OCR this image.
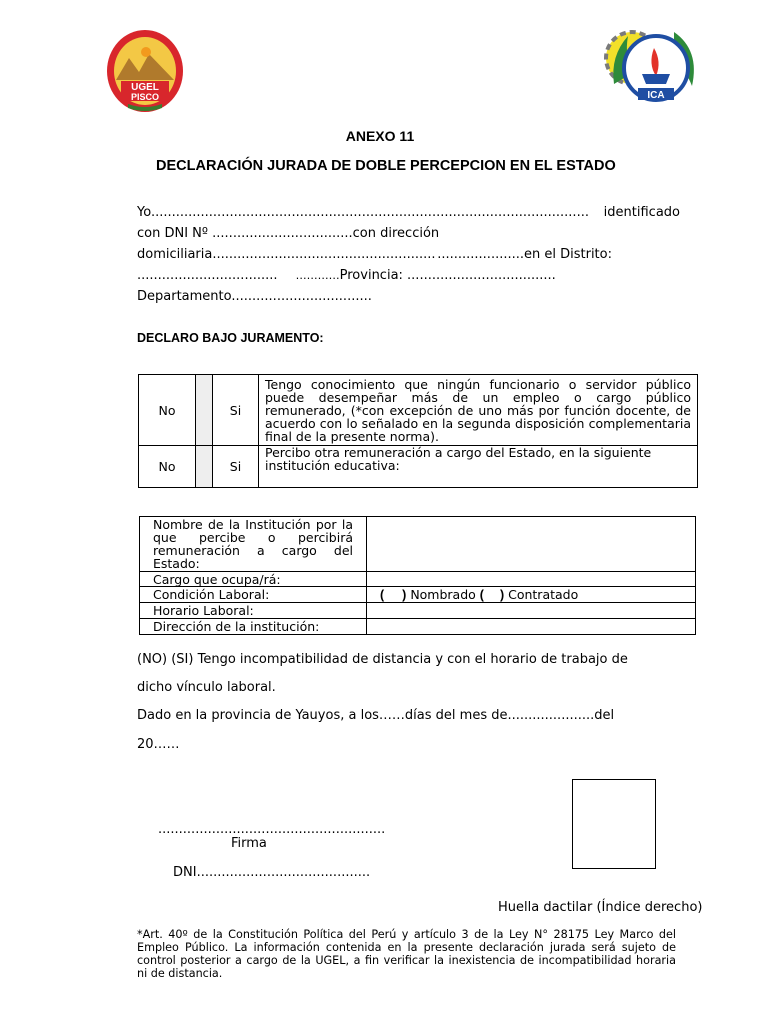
UGEL
PISCO	ICA
ANEXO 11
DECLARACIÓN JURADA DE DOBLE PERCEPCION EN EL ESTADO
Yo.......................................................................................................... identificado
con DNI Nº ..................................con dirección
domiciliaria...................................................... .....................en el Distrito:
.................................. …………Provincia: ....................................
Departamento..................................
DECLARO BAJO JURAMENTO:
No		Si	Tengo conocimiento que ningún funcionario o servidor público puede desempeñar más de un empleo o cargo público remunerado, (*con excepción de uno más por función docente, de acuerdo con lo señalado en la segunda disposición complementaria final de la presente norma).
No		Si	Percibo otra remuneración a cargo del Estado, en la siguiente institución educativa:
Nombre de la Institución por la que percibe o percibirá remuneración a cargo del Estado:	
Cargo que ocupa/rá:	
Condición Laboral:	( ) Nombrado ( ) Contratado
Horario Laboral:	
Dirección de la institución:	
(NO) (SI) Tengo incompatibilidad de distancia y con el horario de trabajo de
dicho vínculo laboral.
Dado en la provincia de Yauyos, a los……días del mes de.....................del
20……
.......................................................
Firma
DNI..........................................
Huella dactilar (Índice derecho)
*Art. 40º de la Constitución Política del Perú y artículo 3 de la Ley N° 28175 Ley Marco del Empleo Público. La información contenida en la presente declaración jurada será sujeto de control posterior a cargo de la UGEL, a fin verificar la inexistencia de incompatibilidad horaria ni de distancia.
